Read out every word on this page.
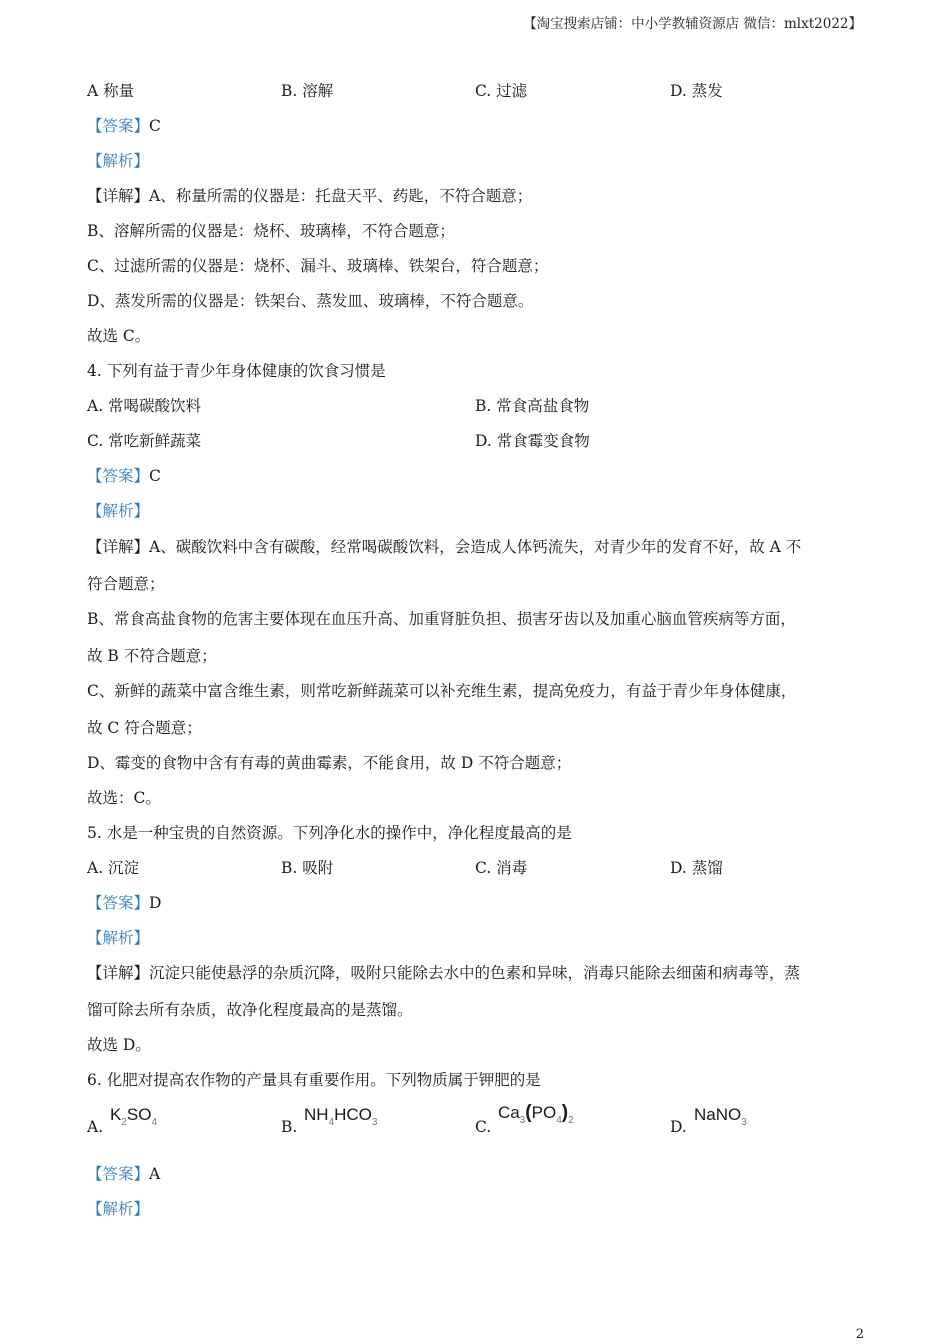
【淘宝搜索店铺：中小学教辅资源店 微信：mlxt2022】
A 称量	B. 溶解	C. 过滤	D. 蒸发
【答案】C
【解析】
【详解】A、称量所需的仪器是：托盘天平、药匙，不符合题意；
B、溶解所需的仪器是：烧杯、玻璃棒，不符合题意；
C、过滤所需的仪器是：烧杯、漏斗、玻璃棒、铁架台，符合题意；
D、蒸发所需的仪器是：铁架台、蒸发皿、玻璃棒，不符合题意。
故选 C。
4. 下列有益于青少年身体健康的饮食习惯是
A. 常喝碳酸饮料	B. 常食高盐食物
C. 常吃新鲜蔬菜	D. 常食霉变食物
【答案】C
【解析】
【详解】A、碳酸饮料中含有碳酸，经常喝碳酸饮料，会造成人体钙流失，对青少年的发育不好，故 A 不
符合题意；
B、常食高盐食物的危害主要体现在血压升高、加重肾脏负担、损害牙齿以及加重心脑血管疾病等方面，
故 B 不符合题意；
C、新鲜的蔬菜中富含维生素，则常吃新鲜蔬菜可以补充维生素，提高免疫力，有益于青少年身体健康，
故 C 符合题意；
D、霉变的食物中含有有毒的黄曲霉素，不能食用，故 D 不符合题意；
故选：C。
5. 水是一种宝贵的自然资源。下列净化水的操作中，净化程度最高的是
A. 沉淀	B. 吸附	C. 消毒	D. 蒸馏
【答案】D
【解析】
【详解】沉淀只能使悬浮的杂质沉降，吸附只能除去水中的色素和异味，消毒只能除去细菌和病毒等，蒸
馏可除去所有杂质，故净化程度最高的是蒸馏。
故选 D。
6. 化肥对提高农作物的产量具有重要作用。下列物质属于钾肥的是
A.
$K_2SO_4$	B.
$NH_4HCO_3$	C.
$Ca_3(PO_4)_2$	D.
NaNO$_3$
【答案】A
【解析】
2
